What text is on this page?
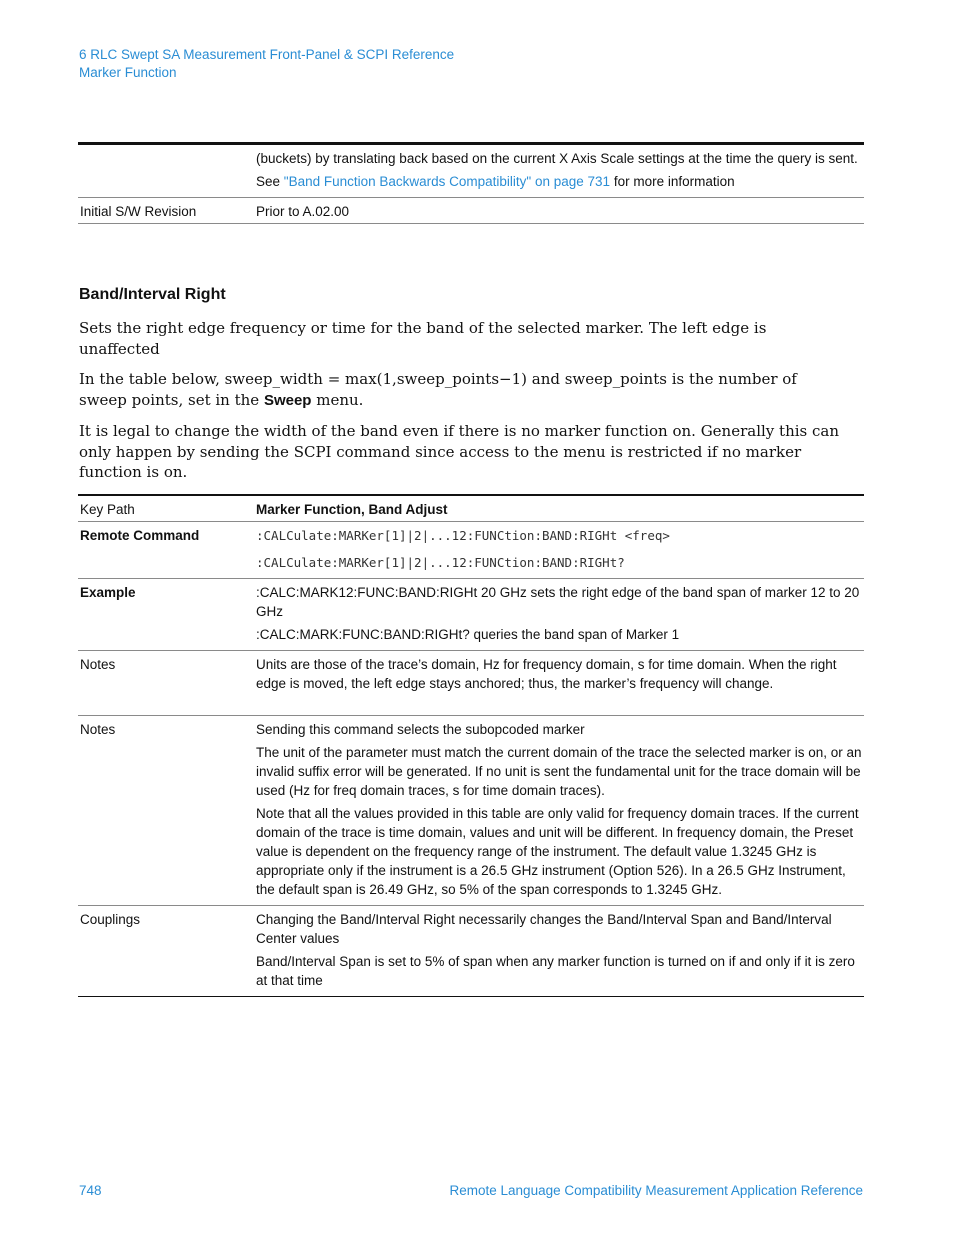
6 RLC Swept SA Measurement Front-Panel & SCPI Reference
Marker Function

	(buckets) by translating back based on the current X Axis Scale settings at the time the query is sent.

See "Band Function Backwards Compatibility" on page 731 for more information

Initial S/W Revision	Prior to A.02.00
Band/Interval Right

Sets the right edge frequency or time for the band of the selected marker. The left edge is unaffected

In the table below, sweep_width = max(1,sweep_points−1) and sweep_points is the number of sweep points, set in the Sweep menu.

It is legal to change the width of the band even if there is no marker function on. Generally this can only happen by sending the SCPI command since access to the menu is restricted if no marker function is on.

Key Path	Marker Function, Band Adjust
Remote Command	:CALCulate:MARKer[1]|2|...12:FUNCtion:BAND:RIGHt <freq>

:CALCulate:MARKer[1]|2|...12:FUNCtion:BAND:RIGHt?

Example	:CALC:MARK12:FUNC:BAND:RIGHt 20 GHz sets the right edge of the band span of marker 12 to 20 GHz

:CALC:MARK:FUNC:BAND:RIGHt? queries the band span of Marker 1

Notes	Units are those of the trace’s domain, Hz for frequency domain, s for time domain. When the right edge is moved, the left edge stays anchored; thus, the marker’s frequency will change.
Notes	Sending this command selects the subopcoded marker

The unit of the parameter must match the current domain of the trace the selected marker is on, or an invalid suffix error will be generated. If no unit is sent the fundamental unit for the trace domain will be used (Hz for freq domain traces, s for time domain traces).

Note that all the values provided in this table are only valid for frequency domain traces. If the current domain of the trace is time domain, values and unit will be different. In frequency domain, the Preset value is dependent on the frequency range of the instrument. The default value 1.3245 GHz is appropriate only if the instrument is a 26.5 GHz instrument (Option 526). In a 26.5 GHz Instrument, the default span is 26.49 GHz, so 5% of the span corresponds to 1.3245 GHz.

Couplings	Changing the Band/Interval Right necessarily changes the Band/Interval Span and Band/Interval Center values

Band/Interval Span is set to 5% of span when any marker function is turned on if and only if it is zero at that time

748	Remote Language Compatibility Measurement Application Reference
